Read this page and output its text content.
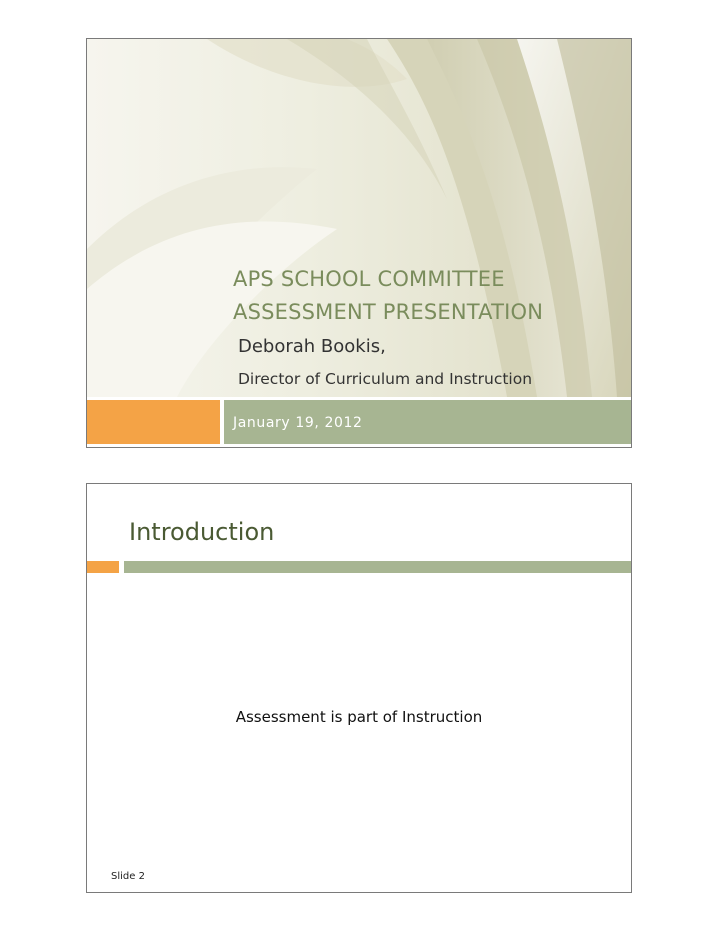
APS SCHOOL COMMITTEE
ASSESSMENT PRESENTATION
Deborah Bookis,
Director of Curriculum and Instruction
January 19, 2012
Introduction
Assessment is part of Instruction
Slide 2
